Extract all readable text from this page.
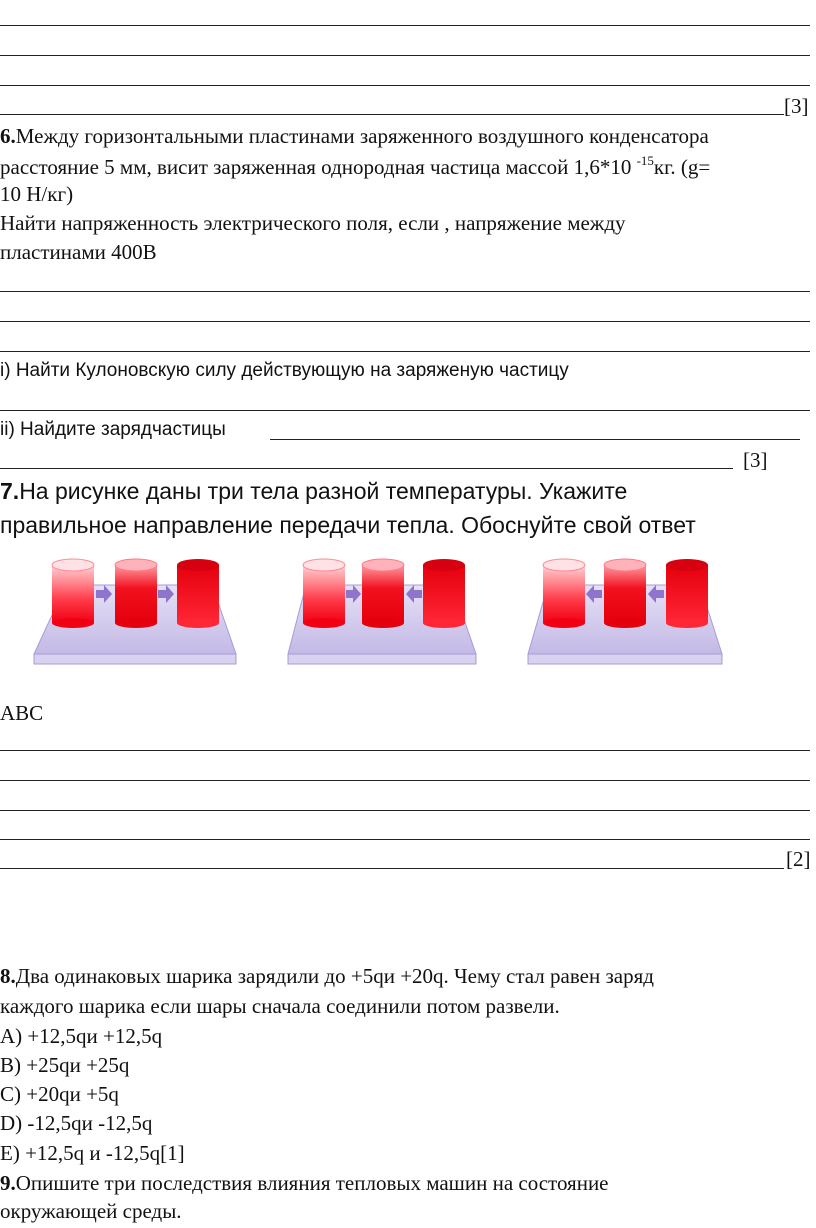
[3]
6.Между горизонтальными пластинами заряженного воздушного конденсатора
расстояние 5 мм, висит заряженная однородная частица массой 1,6*10 $^{-15}$кг. (g=
10 Н/кг)
Найти напряженность электрического поля, если , напряжение между
пластинами 400В
i) Найти Кулоновскую силу действующую на заряженую частицу
ii) Найдите зарядчастицы
[3]
7.На рисунке даны три тела разной температуры. Укажите
правильное направление передачи тепла. Обоснуйте свой ответ
ABC
[2]
8.Два одинаковых шарика зарядили до +5qи +20q. Чему стал равен заряд
каждого шарика если шары сначала соединили потом развели.
A) +12,5qи +12,5q
B) +25qи +25q
C) +20qи +5q
D) -12,5qи -12,5q
E) +12,5q и -12,5q[1]
9.Опишите три последствия влияния тепловых машин на состояние
окружающей среды.
